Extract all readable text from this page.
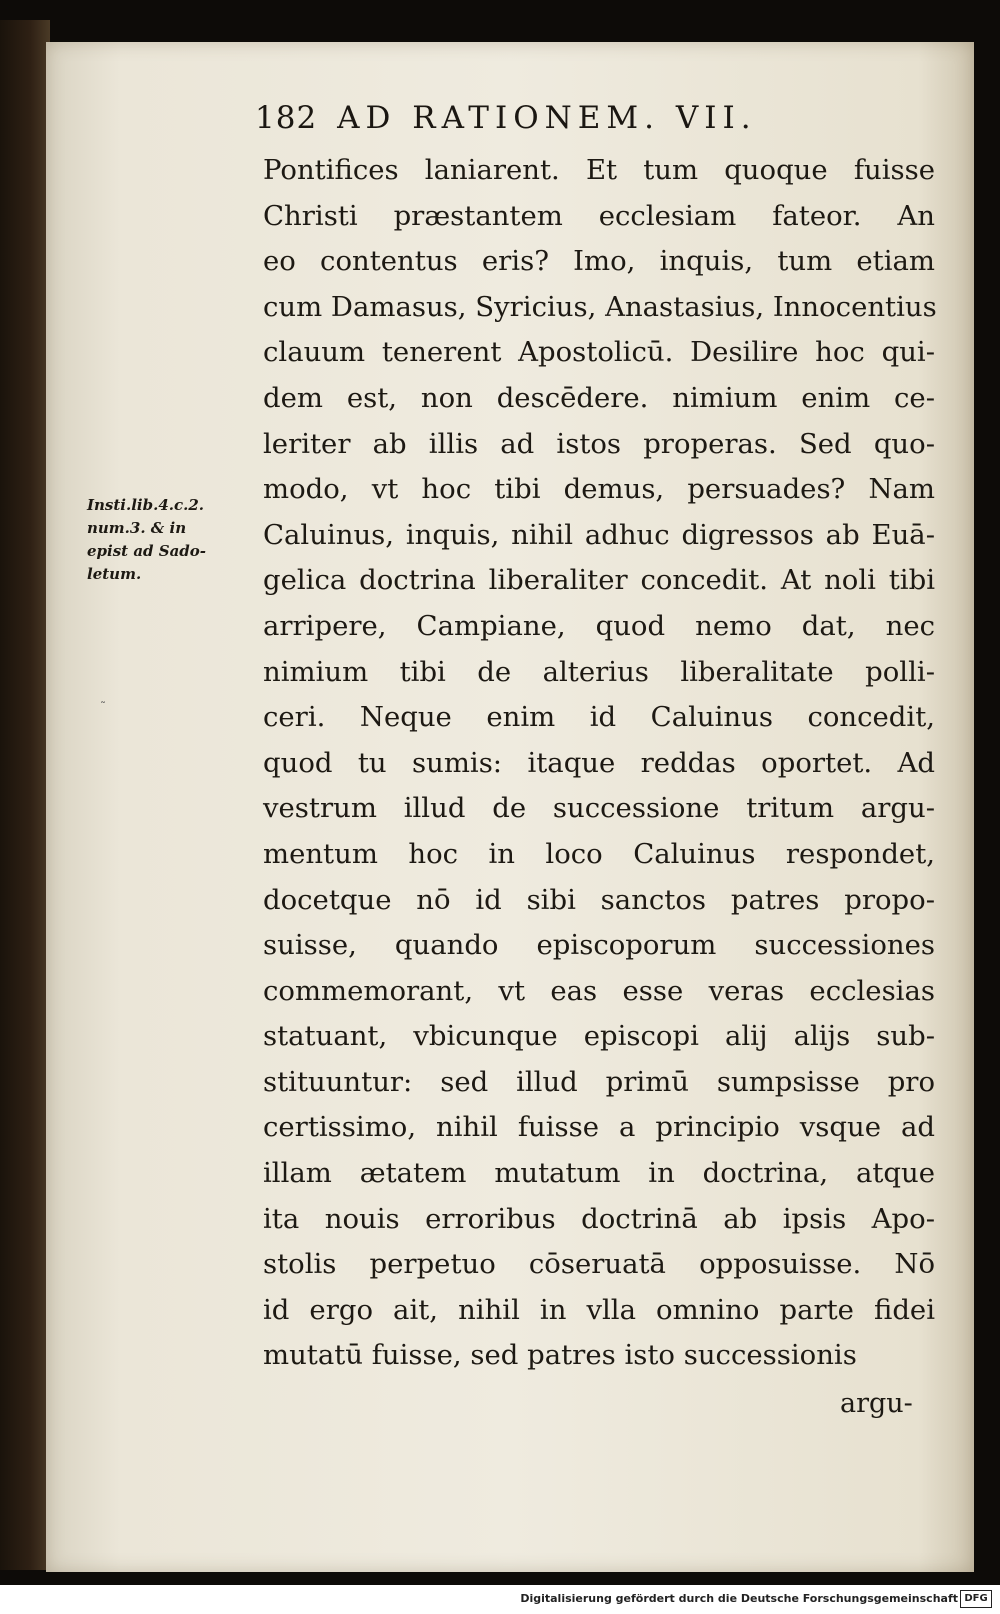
182 AD RATIONEM. VII.
Insti.lib.4.c.2.
num.3. & in
epist ad Sado-
letum.
˜
Pontifices laniarent. Et tum quoque fuisse
Christi præstantem ecclesiam fateor. An
eo contentus eris? Imo, inquis, tum etiam
cum Damasus, Syricius, Anastasius, Innocentius
clauum tenerent Apostolicū. Desilire hoc qui-
dem est, non descēdere. nimium enim ce-
leriter ab illis ad istos properas. Sed quo-
modo, vt hoc tibi demus, persuades? Nam
Caluinus, inquis, nihil adhuc digressos ab Euā-
gelica doctrina liberaliter concedit. At noli tibi
arripere, Campiane, quod nemo dat, nec
nimium tibi de alterius liberalitate polli-
ceri. Neque enim id Caluinus concedit,
quod tu sumis: itaque reddas oportet. Ad
vestrum illud de successione tritum argu-
mentum hoc in loco Caluinus respondet,
docetque nō id sibi sanctos patres propo-
suisse, quando episcoporum successiones
commemorant, vt eas esse veras ecclesias
statuant, vbicunque episcopi alij alijs sub-
stituuntur: sed illud primū sumpsisse pro
certissimo, nihil fuisse a principio vsque ad
illam ætatem mutatum in doctrina, atque
ita nouis erroribus doctrinā ab ipsis Apo-
stolis perpetuo cōseruatā opposuisse. Nō
id ergo ait, nihil in vlla omnino parte fidei
mutatū fuisse, sed patres isto successionis
argu-
Digitalisierung gefördert durch die Deutsche Forschungsgemeinschaft DFG
